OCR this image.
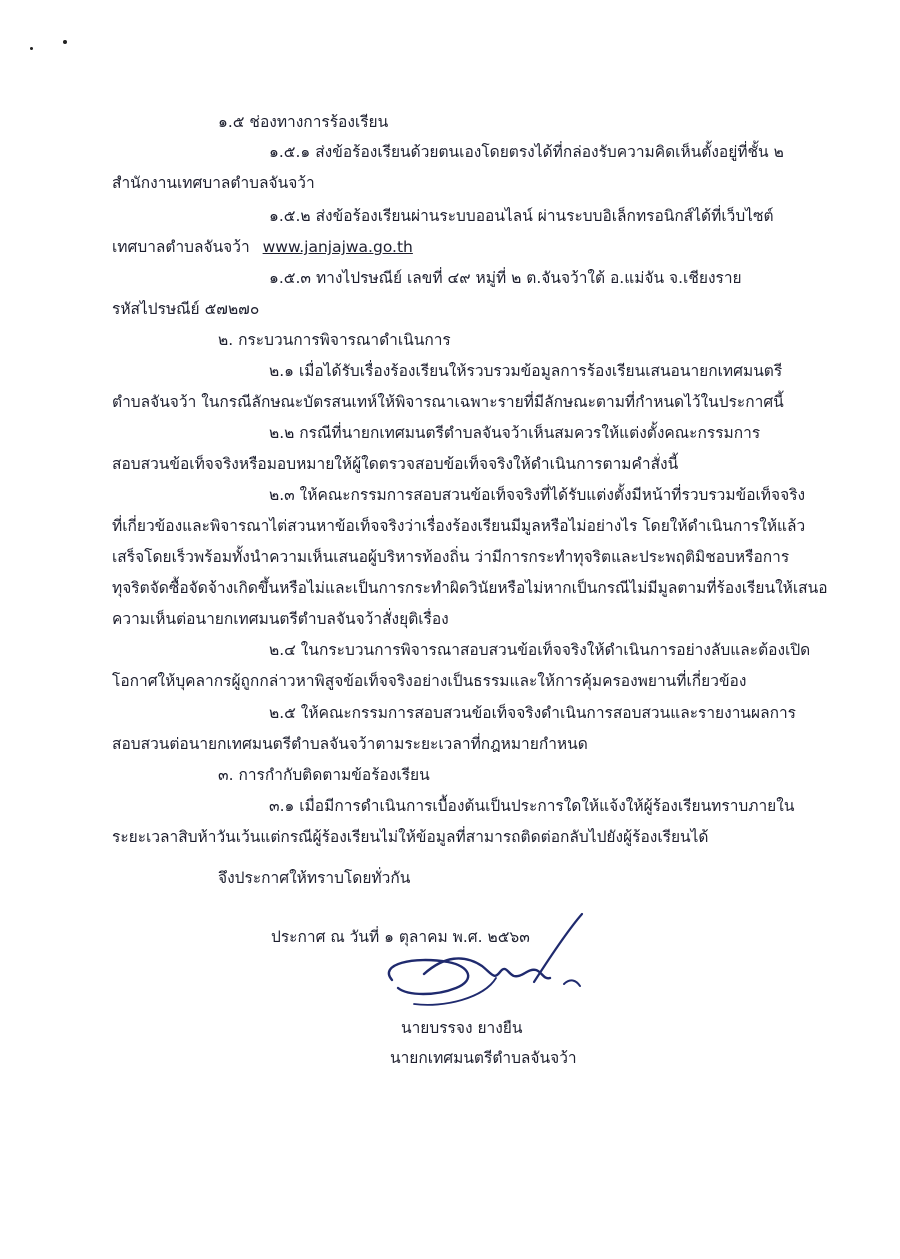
๑.๕ ช่องทางการร้องเรียน
๑.๕.๑ ส่งข้อร้องเรียนด้วยตนเองโดยตรงได้ที่กล่องรับความคิดเห็นตั้งอยู่ที่ชั้น ๒
สำนักงานเทศบาลตำบลจันจว้า
๑.๕.๒ ส่งข้อร้องเรียนผ่านระบบออนไลน์ ผ่านระบบอิเล็กทรอนิกส์ได้ที่เว็บไซต์
เทศบาลตำบลจันจว้า www.janjajwa.go.th
๑.๕.๓ ทางไปรษณีย์ เลขที่ ๔๙ หมู่ที่ ๒ ต.จันจว้าใต้ อ.แม่จัน จ.เชียงราย
รหัสไปรษณีย์ ๕๗๒๗๐
๒. กระบวนการพิจารณาดำเนินการ
๒.๑ เมื่อได้รับเรื่องร้องเรียนให้รวบรวมข้อมูลการร้องเรียนเสนอนายกเทศมนตรี
ตำบลจันจว้า ในกรณีลักษณะบัตรสนเทห์ให้พิจารณาเฉพาะรายที่มีลักษณะตามที่กำหนดไว้ในประกาศนี้
๒.๒ กรณีที่นายกเทศมนตรีตำบลจันจว้าเห็นสมควรให้แต่งตั้งคณะกรรมการ
สอบสวนข้อเท็จจริงหรือมอบหมายให้ผู้ใดตรวจสอบข้อเท็จจริงให้ดำเนินการตามคำสั่งนี้
๒.๓ ให้คณะกรรมการสอบสวนข้อเท็จจริงที่ได้รับแต่งตั้งมีหน้าที่รวบรวมข้อเท็จจริง
ที่เกี่ยวข้องและพิจารณาไต่สวนหาข้อเท็จจริงว่าเรื่องร้องเรียนมีมูลหรือไม่อย่างไร โดยให้ดำเนินการให้แล้ว
เสร็จโดยเร็วพร้อมทั้งนำความเห็นเสนอผู้บริหารท้องถิ่น ว่ามีการกระทำทุจริตและประพฤติมิชอบหรือการ
ทุจริตจัดซื้อจัดจ้างเกิดขึ้นหรือไม่และเป็นการกระทำผิดวินัยหรือไม่หากเป็นกรณีไม่มีมูลตามที่ร้องเรียนให้เสนอ
ความเห็นต่อนายกเทศมนตรีตำบลจันจว้าสั่งยุติเรื่อง
๒.๔ ในกระบวนการพิจารณาสอบสวนข้อเท็จจริงให้ดำเนินการอย่างลับและต้องเปิด
โอกาศให้บุคลากรผู้ถูกกล่าวหาพิสูจข้อเท็จจริงอย่างเป็นธรรมและให้การคุ้มครองพยานที่เกี่ยวข้อง
๒.๕ ให้คณะกรรมการสอบสวนข้อเท็จจริงดำเนินการสอบสวนและรายงานผลการ
สอบสวนต่อนายกเทศมนตรีตำบลจันจว้าตามระยะเวลาที่กฎหมายกำหนด
๓. การกำกับติดตามข้อร้องเรียน
๓.๑ เมื่อมีการดำเนินการเบื้องต้นเป็นประการใดให้แจ้งให้ผู้ร้องเรียนทราบภายใน
ระยะเวลาสิบห้าวันเว้นแต่กรณีผู้ร้องเรียนไม่ให้ข้อมูลที่สามารถติดต่อกลับไปยังผู้ร้องเรียนได้
จึงประกาศให้ทราบโดยทั่วกัน
ประกาศ ณ วันที่ ๑ ตุลาคม พ.ศ. ๒๕๖๓
นายบรรจง ยางยืน
นายกเทศมนตรีตำบลจันจว้า
